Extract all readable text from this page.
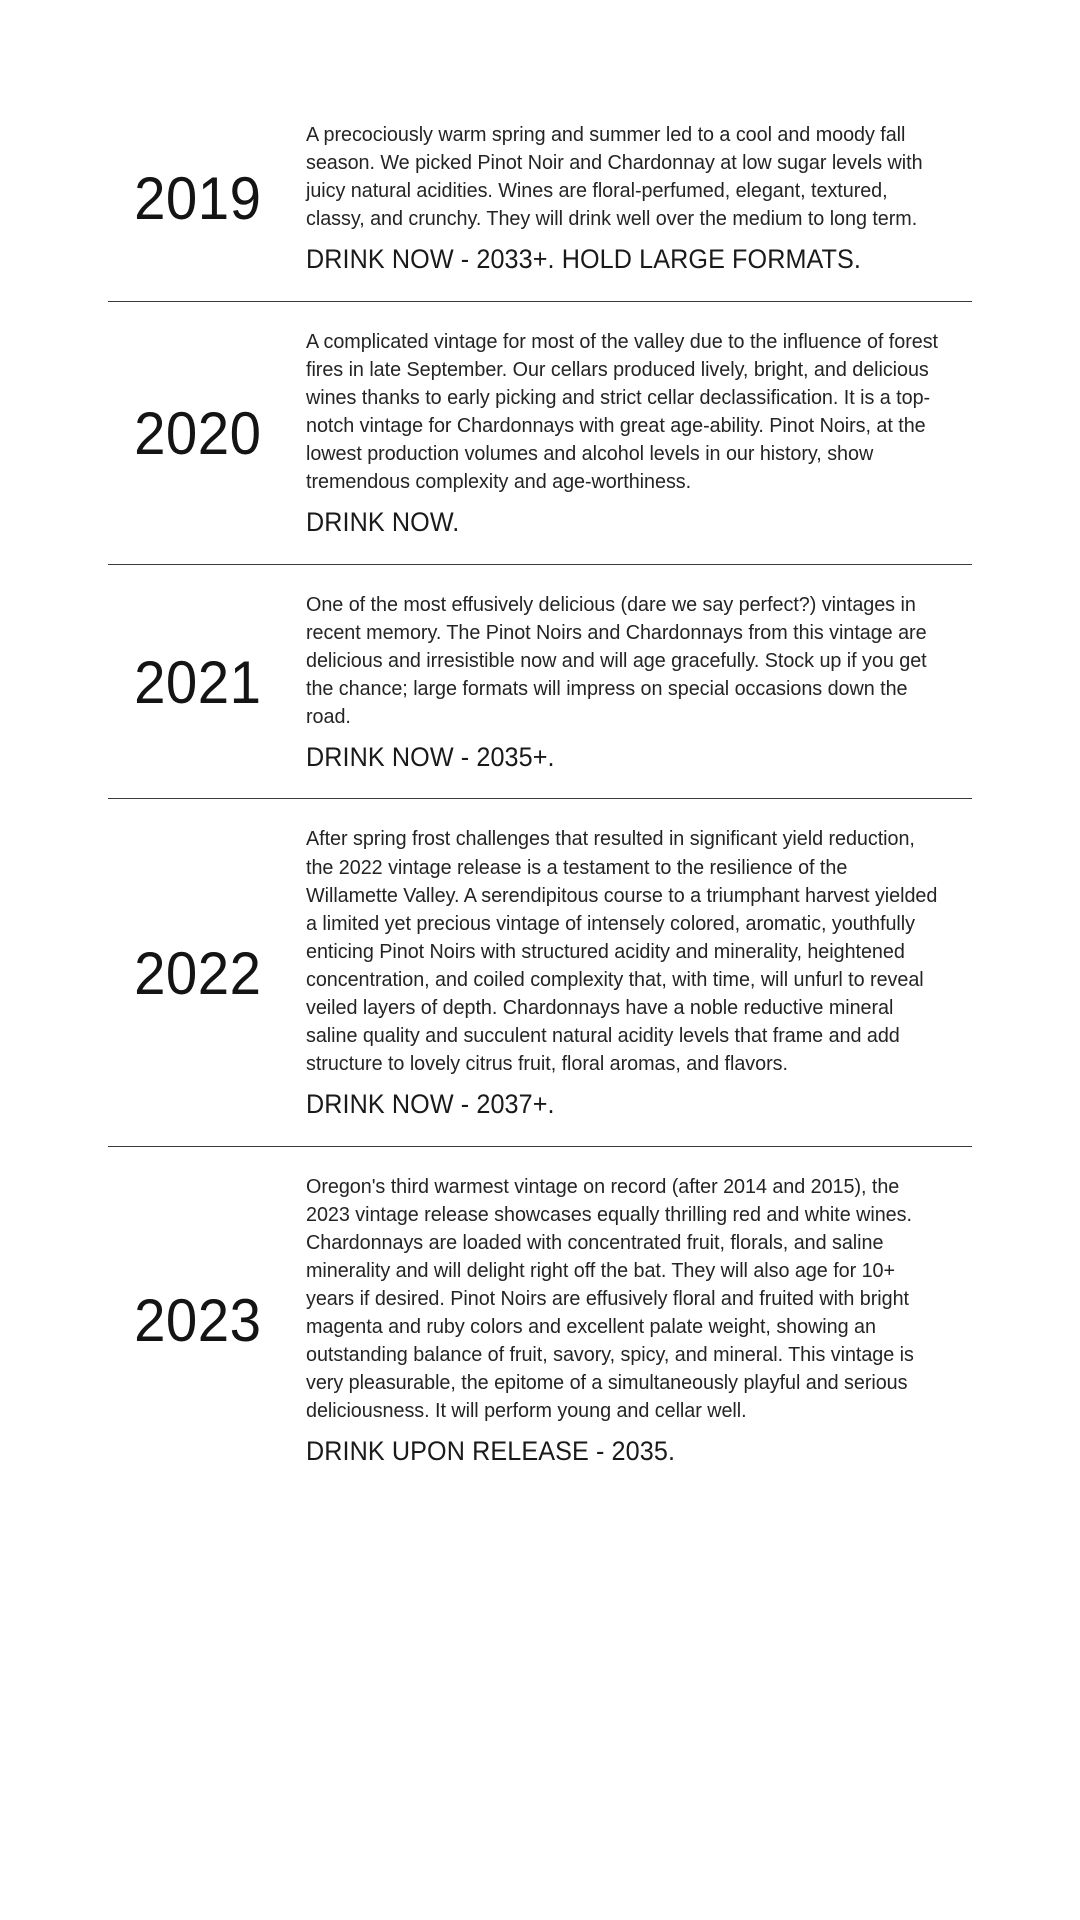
2019

A precociously warm spring and summer led to a cool and moody fall season. We picked Pinot Noir and Chardonnay at low sugar levels with juicy natural acidities. Wines are floral-perfumed, elegant, textured, classy, and crunchy. They will drink well over the medium to long term.

DRINK NOW - 2033+. HOLD LARGE FORMATS.

2020

A complicated vintage for most of the valley due to the influence of forest fires in late September. Our cellars produced lively, bright, and delicious wines thanks to early picking and strict cellar declassification. It is a top-notch vintage for Chardonnays with great age-ability. Pinot Noirs, at the lowest production volumes and alcohol levels in our history, show tremendous complexity and age-worthiness.

DRINK NOW.

2021

One of the most effusively delicious (dare we say perfect?) vintages in recent memory. The Pinot Noirs and Chardonnays from this vintage are delicious and irresistible now and will age gracefully. Stock up if you get the chance; large formats will impress on special occasions down the road.

DRINK NOW - 2035+.

2022

After spring frost challenges that resulted in significant yield reduction, the 2022 vintage release is a testament to the resilience of the Willamette Valley. A serendipitous course to a triumphant harvest yielded a limited yet precious vintage of intensely colored, aromatic, youthfully enticing Pinot Noirs with structured acidity and minerality, heightened concentration, and coiled complexity that, with time, will unfurl to reveal veiled layers of depth. Chardonnays have a noble reductive mineral saline quality and succulent natural acidity levels that frame and add structure to lovely citrus fruit, floral aromas, and flavors.

DRINK NOW - 2037+.

2023

Oregon's third warmest vintage on record (after 2014 and 2015), the 2023 vintage release showcases equally thrilling red and white wines. Chardonnays are loaded with concentrated fruit, florals, and saline minerality and will delight right off the bat. They will also age for 10+ years if desired. Pinot Noirs are effusively floral and fruited with bright magenta and ruby colors and excellent palate weight, showing an outstanding balance of fruit, savory, spicy, and mineral. This vintage is very pleasurable, the epitome of a simultaneously playful and serious deliciousness. It will perform young and cellar well.

DRINK UPON RELEASE - 2035.
